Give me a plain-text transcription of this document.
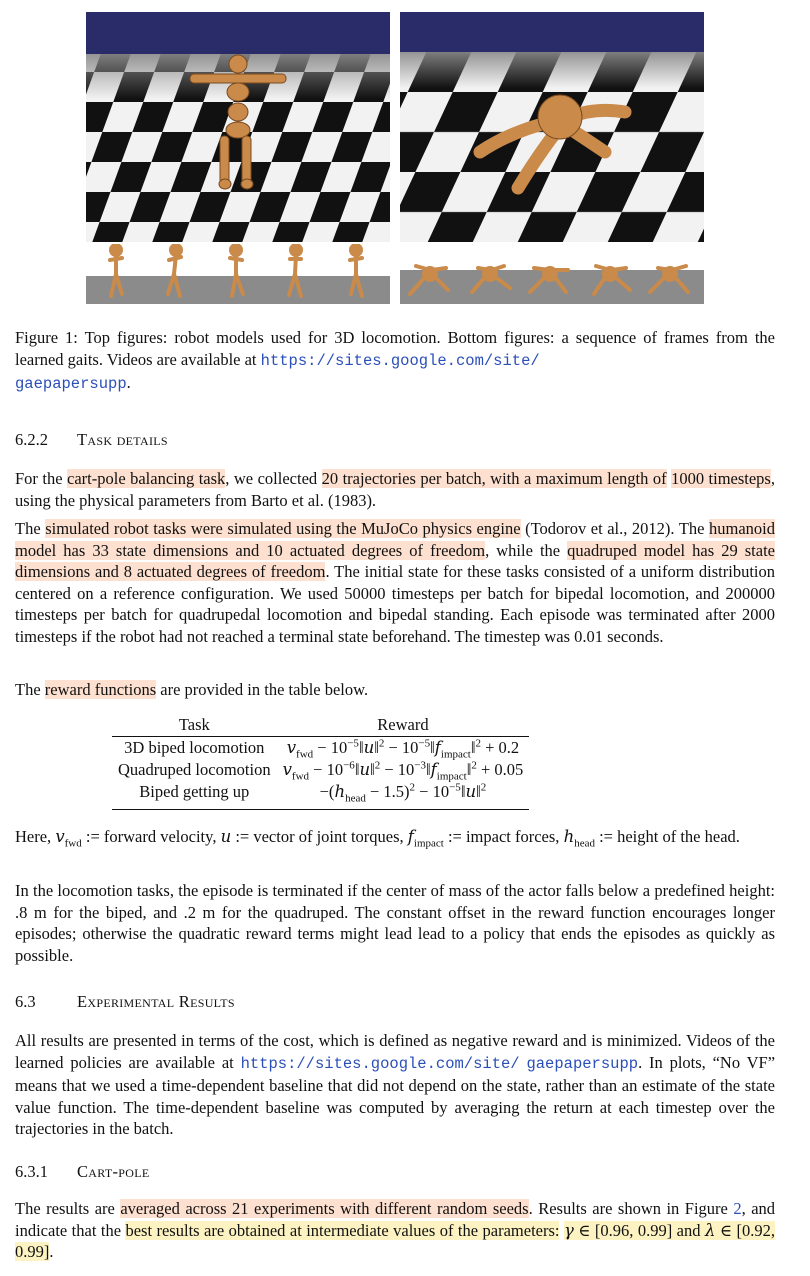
Figure 1: Top figures: robot models used for 3D locomotion. Bottom figures: a sequence of frames from the learned gaits. Videos are available at https://sites.google.com/site/
gaepapersupp.
6.2.2 Task details
For the cart-pole balancing task, we collected 20 trajectories per batch, with a maximum length of 1000 timesteps, using the physical parameters from Barto et al. (1983).
The simulated robot tasks were simulated using the MuJoCo physics engine (Todorov et al., 2012). The humanoid model has 33 state dimensions and 10 actuated degrees of freedom, while the quadruped model has 29 state dimensions and 8 actuated degrees of freedom. The initial state for these tasks consisted of a uniform distribution centered on a reference configuration. We used 50000 timesteps per batch for bipedal locomotion, and 200000 timesteps per batch for quadrupedal locomotion and bipedal standing. Each episode was terminated after 2000 timesteps if the robot had not reached a terminal state beforehand. The timestep was 0.01 seconds.
The reward functions are provided in the table below.
Task	Reward
3D biped locomotion	$v_{fwd}$ − $10^{-5}‖u‖^2$ − $10^{-5}‖f_{impact}‖^2 + 0.2$
Quadruped locomotion	$v_{fwd}$ − $10^{-6}‖u‖^2$ − $10^{-3}‖f_{impact}‖^2 + 0.05$
Biped getting up	$-(h_{head} - 1.5)^2$ − $10^{-5}‖u‖^2$
Here, $v_{fwd}$ := forward velocity, u := vector of joint torques, $f_{impact}$ := impact forces, $h_{head}$ := height of the head.
In the locomotion tasks, the episode is terminated if the center of mass of the actor falls below a predefined height: .8 m for the biped, and .2 m for the quadruped. The constant offset in the reward function encourages longer episodes; otherwise the quadratic reward terms might lead lead to a policy that ends the episodes as quickly as possible.
6.3	Experimental Results
All results are presented in terms of the cost, which is defined as negative reward and is minimized. Videos of the learned policies are available at https://sites.google.com/site/ gaepapersupp. In plots, “No VF” means that we used a time-dependent baseline that did not depend on the state, rather than an estimate of the state value function. The time-dependent baseline was computed by averaging the return at each timestep over the trajectories in the batch.
6.3.1 Cart-pole
The results are averaged across 21 experiments with different random seeds. Results are shown in Figure 2, and indicate that the best results are obtained at intermediate values of the parameters: γ ∈ [0.96, 0.99] and λ ∈ [0.92, 0.99].
